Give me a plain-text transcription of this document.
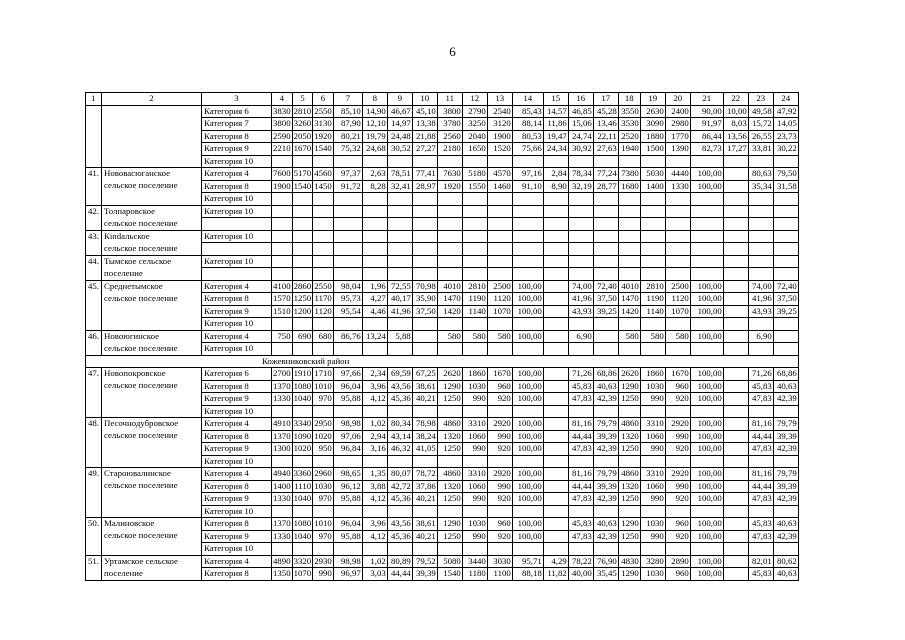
6
1	2	3	4	5	6	7	8	9	10	11	12	13	14	15	16	17	18	19	20	21	22	23	24
		Категория 6	3830	2810	2550	85,10	14,90	46,67	45,10	3800	2790	2540	85,43	14,57	46,85	45,28	3550	2630	2400	90,00	10,00	49,58	47,92
		Категория 7	3800	3260	3130	87,90	12,10	14,97	13,38	3780	3250	3120	88,14	11,86	15,06	13,46	3530	3090	2980	91,97	8,03	15,72	14,05
		Категория 8	2590	2050	1920	80,21	19,79	24,48	21,88	2560	2040	1900	80,53	19,47	24,74	22,11	2520	1880	1770	86,44	13,56	26,55	23,73
		Категория 9	2210	1670	1540	75,32	24,68	30,52	27,27	2180	1650	1520	75,66	24,34	30,92	27,63	1940	1500	1390	82,73	17,27	33,81	30,22
		Категория 10																					
41.	Нововасюганское	Категория 4	7600	5170	4560	97,37	2,63	78,51	77,41	7630	5180	4570	97,16	2,84	78,34	77,24	7380	5030	4440	100,00		80,63	79,50
	сельское поселение	Категория 8	1900	1540	1450	91,72	8,28	32,41	28,97	1920	1550	1460	91,10	8,90	32,19	28,77	1680	1400	1330	100,00		35,34	31,58
		Категория 10																					
42.	Толпаровское	Категория 10																					
	сельское поселение																						
43.	Кindальское	Категория 10																					
	сельское поселение																						
44.	Тымское сельское	Категория 10																					
	поселение																						
45.	Среднетымское	Категория 4	4100	2860	2550	98,04	1,96	72,55	70,98	4010	2810	2500	100,00		74,00	72,40	4010	2810	2500	100,00		74,00	72,40
	сельское поселение	Категория 8	1570	1250	1170	95,73	4,27	40,17	35,90	1470	1190	1120	100,00		41,96	37,50	1470	1190	1120	100,00		41,96	37,50
		Категория 9	1510	1200	1120	95,54	4,46	41,96	37,50	1420	1140	1070	100,00		43,93	39,25	1420	1140	1070	100,00		43,93	39,25
		Категория 10																					
46.	Новоюгинское	Категория 4	750	690	680	86,76	13,24	5,88		580	580	580	100,00		6,90		580	580	580	100,00		6,90	
	сельское поселение	Категория 10																					
Кожевниковский район																							
47.	Новопокровское	Категория 6	2700	1910	1710	97,66	2,34	69,59	67,25	2620	1860	1670	100,00		71,26	68,86	2620	1860	1670	100,00		71,26	68,86
	сельское поселение	Категория 8	1370	1080	1010	96,04	3,96	43,56	38,61	1290	1030	960	100,00		45,83	40,63	1290	1030	960	100,00		45,83	40,63
		Категория 9	1330	1040	970	95,88	4,12	45,36	40,21	1250	990	920	100,00		47,83	42,39	1250	990	920	100,00		47,83	42,39
		Категория 10																					
48.	Песочнодубровское	Категория 4	4910	3340	2950	98,98	1,02	80,34	78,98	4860	3310	2920	100,00		81,16	79,79	4860	3310	2920	100,00		81,16	79,79
	сельское поселение	Категория 8	1370	1090	1020	97,06	2,94	43,14	38,24	1320	1060	990	100,00		44,44	39,39	1320	1060	990	100,00		44,44	39,39
		Категория 9	1300	1020	950	96,84	3,16	46,32	41,05	1250	990	920	100,00		47,83	42,39	1250	990	920	100,00		47,83	42,39
		Категория 10																					
49.	Староювалинское	Категория 4	4940	3360	2960	98,65	1,35	80,07	78,72	4860	3310	2920	100,00		81,16	79,79	4860	3310	2920	100,00		81,16	79,79
	сельское поселение	Категория 8	1400	1110	1030	96,12	3,88	42,72	37,86	1320	1060	990	100,00		44,44	39,39	1320	1060	990	100,00		44,44	39,39
		Категория 9	1330	1040	970	95,88	4,12	45,36	40,21	1250	990	920	100,00		47,83	42,39	1250	990	920	100,00		47,83	42,39
		Категория 10																					
50.	Малиновское	Категория 8	1370	1080	1010	96,04	3,96	43,56	38,61	1290	1030	960	100,00		45,83	40,63	1290	1030	960	100,00		45,83	40,63
	сельское поселение	Категория 9	1330	1040	970	95,88	4,12	45,36	40,21	1250	990	920	100,00		47,83	42,39	1250	990	920	100,00		47,83	42,39
		Категория 10																					
51.	Уртамское сельское	Категория 4	4890	3320	2930	98,98	1,02	80,89	79,52	5080	3440	3030	95,71	4,29	78,22	76,90	4830	3280	2890	100,00		82,01	80,62
	поселение	Категория 8	1350	1070	990	96,97	3,03	44,44	39,39	1540	1180	1100	88,18	11,82	40,00	35,45	1290	1030	960	100,00		45,83	40,63
